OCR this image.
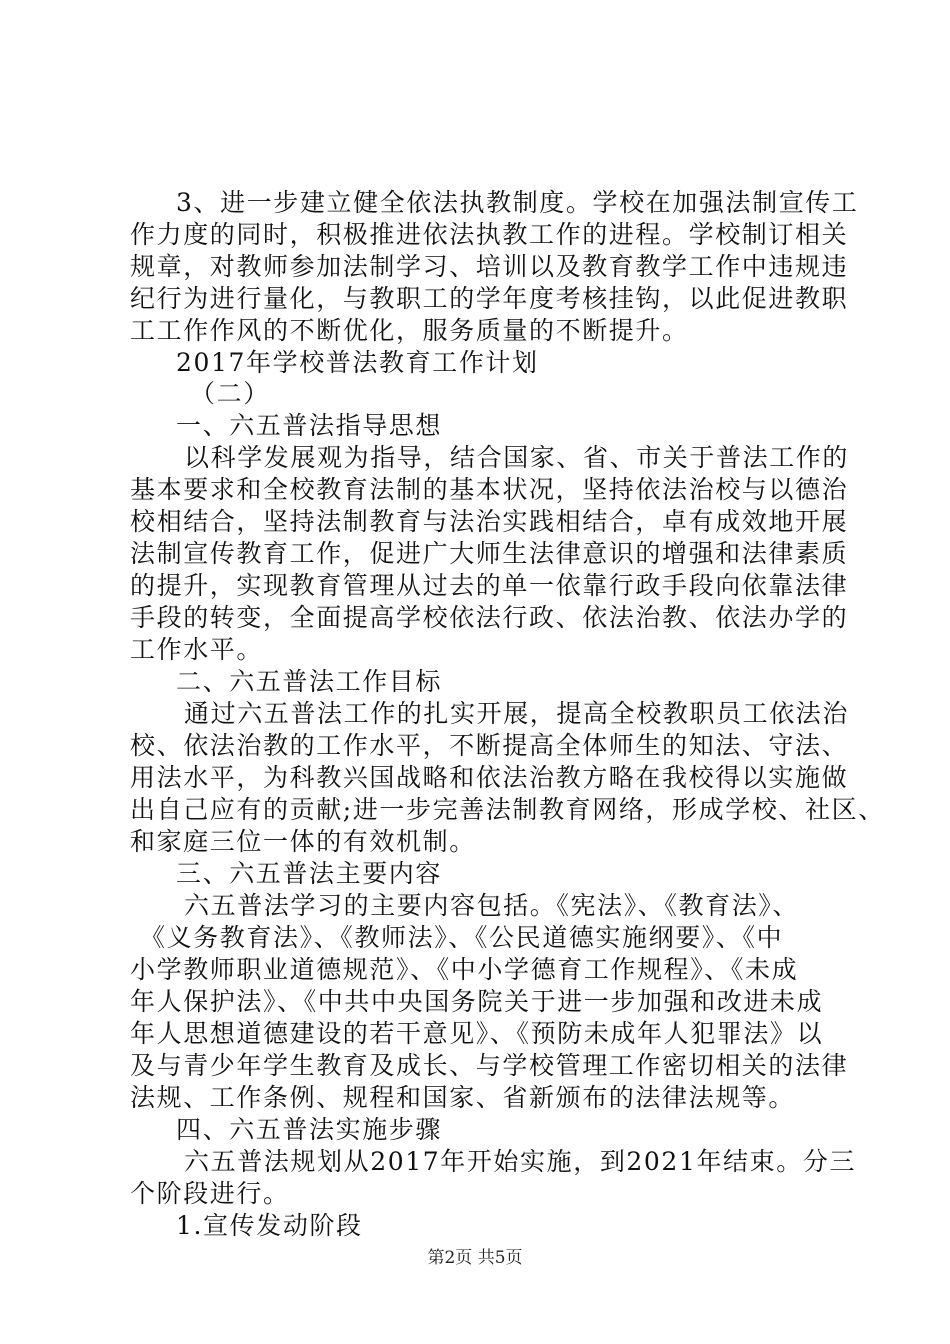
3、进一步建立健全依法执教制度。学校在加强法制宣传工
作力度的同时，积极推进依法执教工作的进程。学校制订相关
规章，对教师参加法制学习、培训以及教育教学工作中违规违
纪行为进行量化，与教职工的学年度考核挂钩，以此促进教职
工工作作风的不断优化，服务质量的不断提升。
2017年学校普法教育工作计划
（二）
一、六五普法指导思想
以科学发展观为指导，结合国家、省、市关于普法工作的
基本要求和全校教育法制的基本状况，坚持依法治校与以德治
校相结合，坚持法制教育与法治实践相结合，卓有成效地开展
法制宣传教育工作，促进广大师生法律意识的增强和法律素质
的提升，实现教育管理从过去的单一依靠行政手段向依靠法律
手段的转变，全面提高学校依法行政、依法治教、依法办学的
工作水平。
二、六五普法工作目标
通过六五普法工作的扎实开展，提高全校教职员工依法治
校、依法治教的工作水平，不断提高全体师生的知法、守法、
用法水平，为科教兴国战略和依法治教方略在我校得以实施做
出自己应有的贡献;进一步完善法制教育网络，形成学校、社区、
和家庭三位一体的有效机制。
三、六五普法主要内容
六五普法学习的主要内容包括。《宪法》、《教育法》、
《义务教育法》、《教师法》、《公民道德实施纲要》、《中
小学教师职业道德规范》、《中小学德育工作规程》、《未成
年人保护法》、《中共中央国务院关于进一步加强和改进未成
年人思想道德建设的若干意见》、《预防未成年人犯罪法》以
及与青少年学生教育及成长、与学校管理工作密切相关的法律
法规、工作条例、规程和国家、省新颁布的法律法规等。
四、六五普法实施步骤
六五普法规划从2017年开始实施，到2021年结束。分三
个阶段进行。
1.宣传发动阶段
第2页 共5页
